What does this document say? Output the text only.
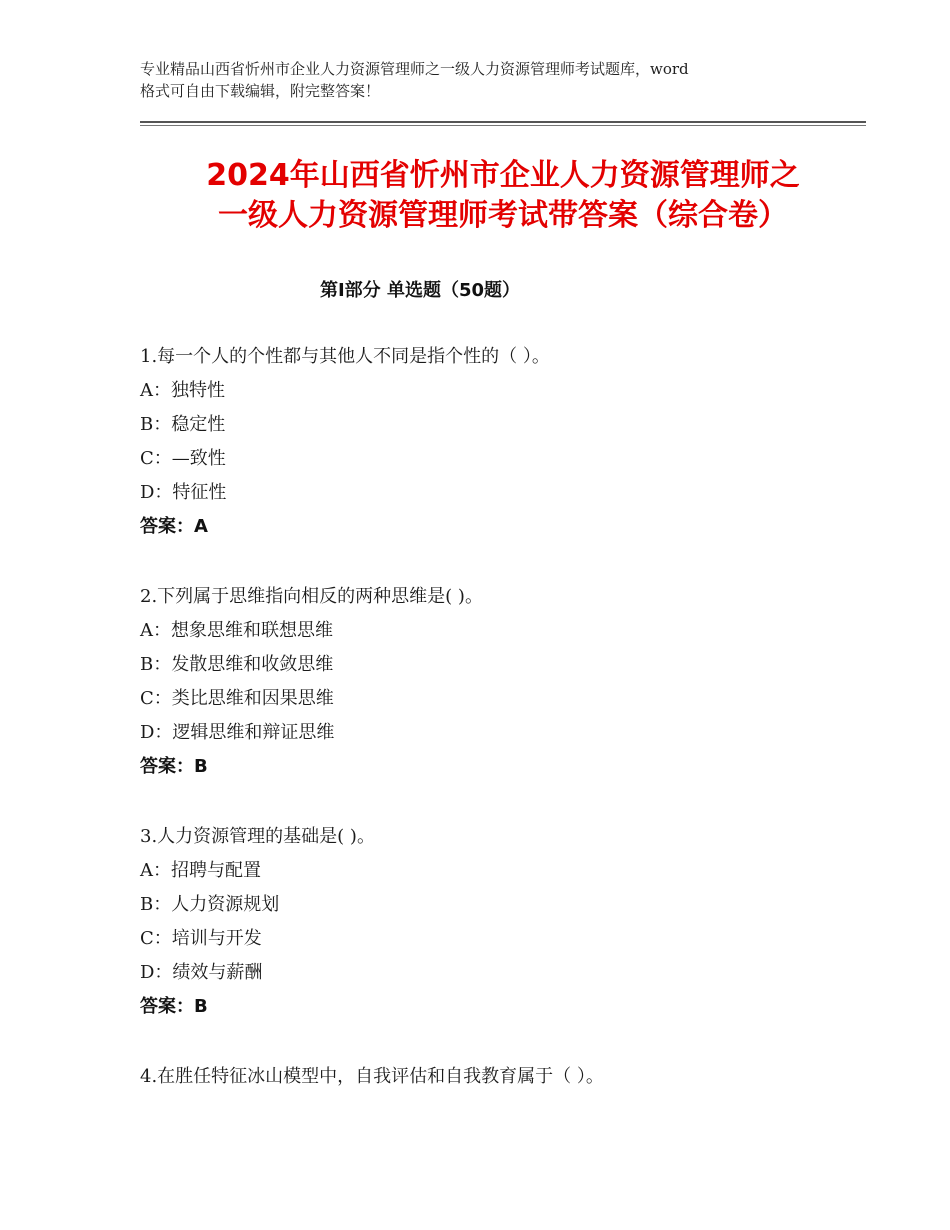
专业精品山西省忻州市企业人力资源管理师之一级人力资源管理师考试题库，word
格式可自由下载编辑，附完整答案！
2024年山西省忻州市企业人力资源管理师之
一级人力资源管理师考试带答案（综合卷）
第Ⅰ部分 单选题（50题）
1.每一个人的个性都与其他人不同是指个性的（ ）。
A：独特性
B：稳定性
C：—致性
D：特征性
答案：A
2.下列属于思维指向相反的两种思维是( )。
A：想象思维和联想思维
B：发散思维和收敛思维
C：类比思维和因果思维
D：逻辑思维和辩证思维
答案：B
3.人力资源管理的基础是( )。
A：招聘与配置
B：人力资源规划
C：培训与开发
D：绩效与薪酬
答案：B
4.在胜任特征冰山模型中，自我评估和自我教育属于（ ）。
